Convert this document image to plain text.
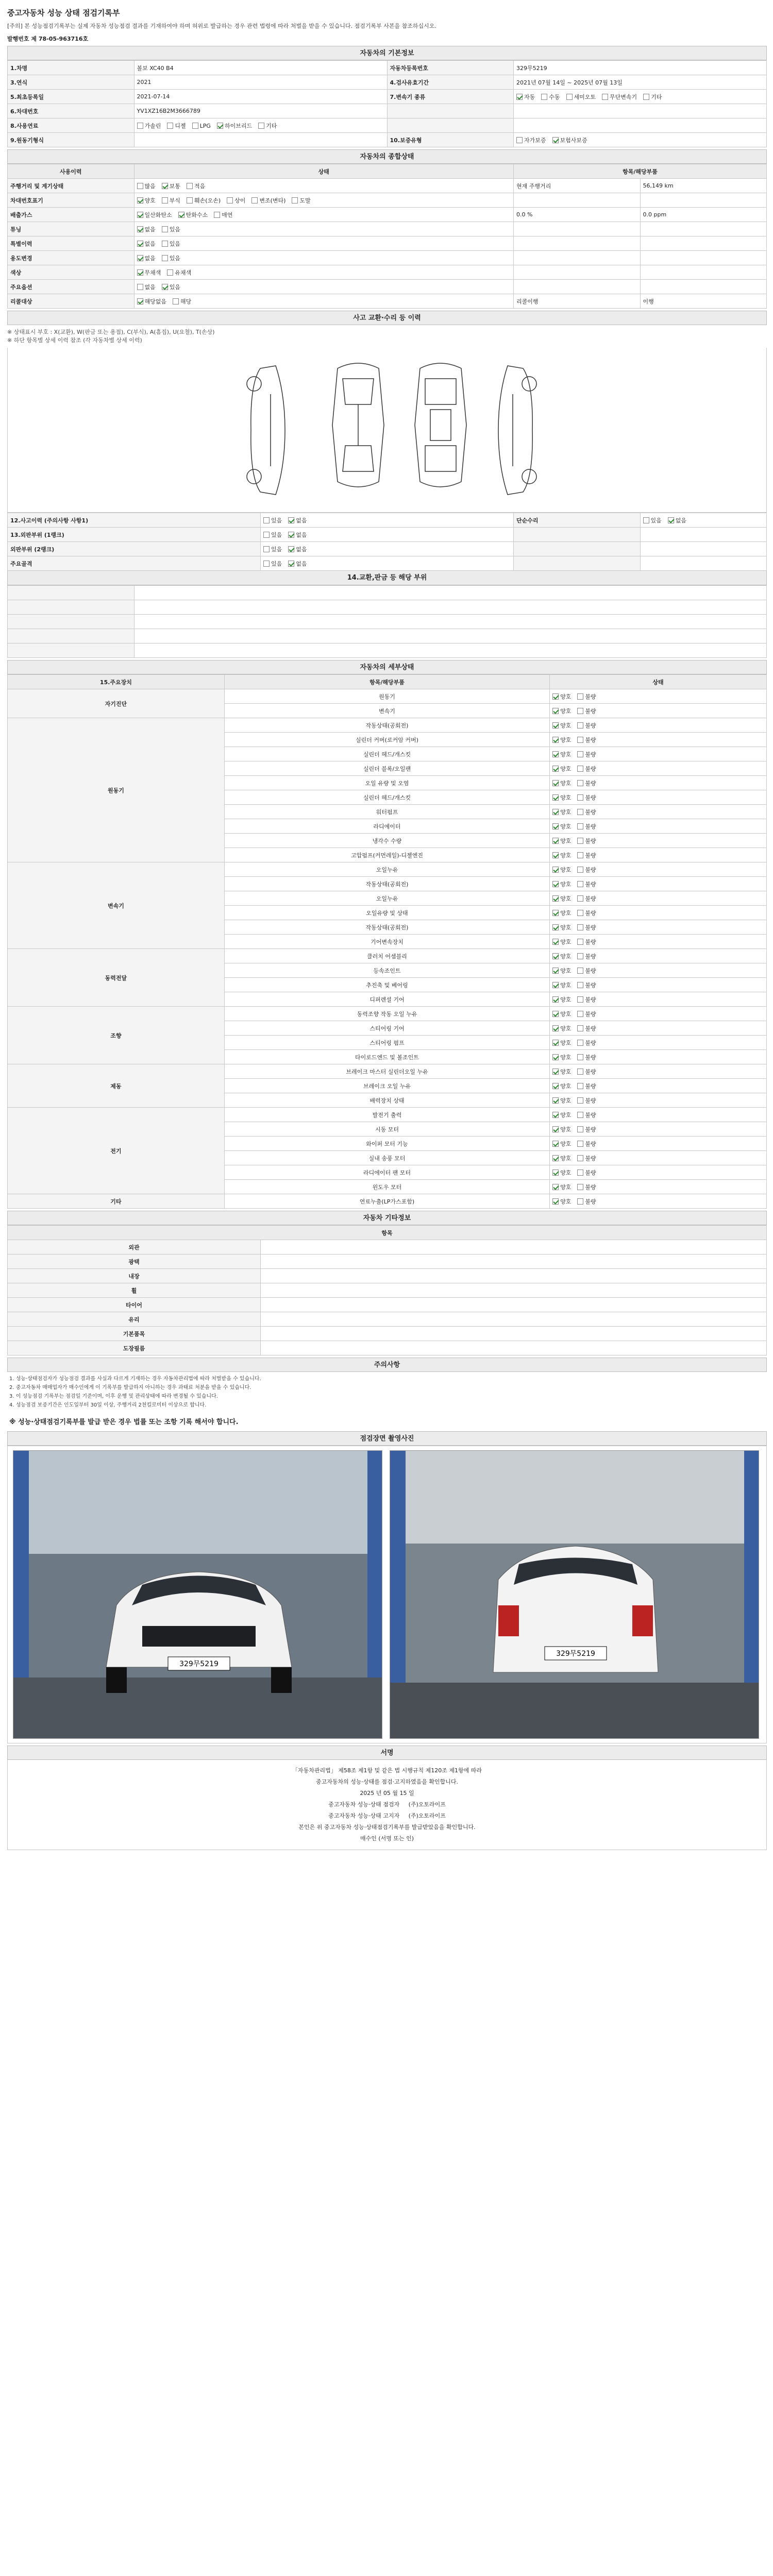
중고자동차 성능 상태 점검기록부
[주의] 본 성능점검기록부는 실제 자동차 성능점검 결과를 기재하여야 하며 허위로 발급하는 경우 관련 법령에 따라 처벌을 받을 수 있습니다. 점검기록부 사본을 참조하십시오.
발행번호 제 78-05-963716호
자동차의 기본정보
1.차명	볼보 XC40 B4	자동차등록번호	329무5219
3.연식	2021	4.검사유효기간	2021년 07월 14일 ~ 2025년 07월 13일
5.최초등록일	2021-07-14	7.변속기 종류	자동 수동 세미오토 무단변속기 기타
6.차대번호	YV1XZ16B2M3666789		
8.사용연료	가솔린 디젤 LPG 하이브리드 기타		
9.원동기형식		10.보증유형	자가보증 보험사보증
자동차의 종합상태
사용이력	상태	항목/해당부품	
주행거리 및 계기상태	많음 보통 적음	현재 주행거리	56,149 km
차대번호표기	양호 부식 훼손(오손) 상이 변조(변타) 도말		
배출가스	일산화탄소 탄화수소 매연	0.0 %	0.0 ppm
튜닝	없음 있음		
특별이력	없음 있음		
용도변경	없음 있음		
색상	무채색 유채색		
주요옵션	없음 있음		
리콜대상	해당없음 해당	리콜이행	이행
사고 교환·수리 등 이력
※ 상태표시 부호 : X(교환), W(판금 또는 용접), C(부식), A(흠집), U(요철), T(손상)
※ 하단 항목별 상세 이력 참조 (각 자동차별 상세 이력)
12.사고이력 (주의사항 사항1)	있음 없음	단순수리	있음 없음
13.외판부위 (1랭크)	있음 없음		
외판부위 (2랭크)	있음 없음		
주요골격	있음 없음		
14.교환,판금 등 해당 부위

자동차의 세부상태
15.주요장치	항목/해당부품	상태
자기진단	원동기	양호 불량
	변속기	양호 불량
원동기	작동상태(공회전)	양호 불량
	실린더 커버(로커암 커버)	양호 불량
	실린더 헤드/개스킷	양호 불량
	실린더 블록/오일팬	양호 불량
	오일 유량 및 오염	양호 불량
	실린더 헤드/개스킷	양호 불량
	워터펌프	양호 불량
	라디에이터	양호 불량
	냉각수 수량	양호 불량
	고압펌프(커먼레일)-디젤엔진	양호 불량
변속기	오일누유	양호 불량
	작동상태(공회전)	양호 불량
	오일누유	양호 불량
	오일유량 및 상태	양호 불량
	작동상태(공회전)	양호 불량
	기어변속장치	양호 불량
동력전달	클러치 어셈블리	양호 불량
	등속조인트	양호 불량
	추진축 및 베어링	양호 불량
	디퍼렌셜 기어	양호 불량
조향	동력조향 작동 오일 누유	양호 불량
	스티어링 기어	양호 불량
	스티어링 펌프	양호 불량
	타이로드엔드 및 볼조인트	양호 불량
제동	브레이크 마스터 실린더오일 누유	양호 불량
	브레이크 오일 누유	양호 불량
	배력장치 상태	양호 불량
전기	발전기 출력	양호 불량
	시동 모터	양호 불량
	와이퍼 모터 기능	양호 불량
	실내 송풍 모터	양호 불량
	라디에이터 팬 모터	양호 불량
	윈도우 모터	양호 불량
기타	연료누출(LP가스포함)	양호 불량
자동차 기타정보
항목	
외관	
광택	
내장	
휠	
타이어	
유리	
기본품목	
도장필름	
주의사항

1. 성능·상태점검자가 성능점검 결과를 사실과 다르게 기재하는 경우 자동차관리법에 따라 처벌받을 수 있습니다.

2. 중고자동차 매매업자가 매수인에게 이 기록부를 발급하지 아니하는 경우 과태료 처분을 받을 수 있습니다.

3. 이 성능점검 기록부는 점검일 기준이며, 이후 운행 및 관리상태에 따라 변경될 수 있습니다.

4. 성능점검 보증기간은 인도일부터 30일 이상, 주행거리 2천킬로미터 이상으로 합니다.

※ 성능·상태점검기록부를 발급 받은 경우 법률 또는 조항 기록 해서야 합니다.
점검장면 촬영사진
329무5219
329무5219
서명
「자동차관리법」 제58조 제1항 및 같은 법 시행규칙 제120조 제1항에 따라
중고자동차의 성능·상태를 점검·고지하였음을 확인합니다.
2025 년 05 월 15 일
중고자동차 성능·상태 점검자 (주)오토라이프
중고자동차 성능·상태 고지자 (주)오토라이프
본인은 위 중고자동차 성능·상태점검기록부를 발급받았음을 확인합니다.
매수인 (서명 또는 인)
